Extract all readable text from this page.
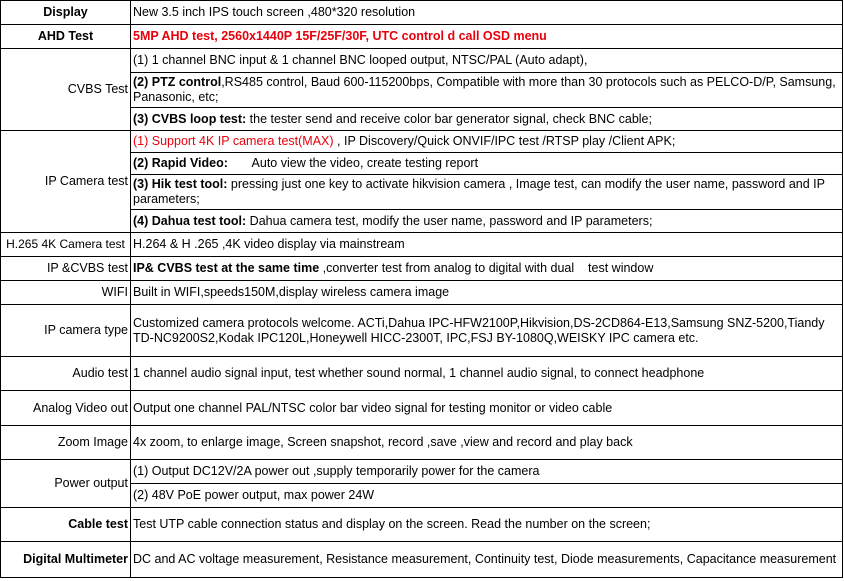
Display	New 3.5 inch IPS touch screen ,480*320 resolution
AHD Test	5MP AHD test, 2560x1440P 15F/25F/30F, UTC control d call OSD menu
CVBS Test	(1) 1 channel BNC input & 1 channel BNC looped output, NTSC/PAL (Auto adapt),
	(2) PTZ control,RS485 control, Baud 600-115200bps, Compatible with more than 30 protocols such as PELCO-D/P, Samsung, Panasonic, etc;
	(3) CVBS loop test: the tester send and receive color bar generator signal, check BNC cable;
IP Camera test	(1) Support 4K IP camera test(MAX) , IP Discovery/Quick ONVIF/IPC test /RTSP play /Client APK;
	(2) Rapid Video:       Auto view the video, create testing report
	(3) Hik test tool: pressing just one key to activate hikvision camera , Image test, can modify the user name, password and IP parameters;
	(4) Dahua test tool: Dahua camera test, modify the user name, password and IP parameters;
H.265 4K Camera test	H.264 & H .265 ,4K video display via mainstream
IP &CVBS test	IP& CVBS test at the same time ,converter test from analog to digital with dual    test window
WIFI	Built in WIFI,speeds150M,display wireless camera image
IP camera type	Customized camera protocols welcome. ACTi,Dahua IPC-HFW2100P,Hikvision,DS-2CD864-E13,Samsung SNZ-5200,Tiandy TD-NC9200S2,Kodak IPC120L,Honeywell HICC-2300T, IPC,FSJ BY-1080Q,WEISKY IPC camera etc.
Audio test	1 channel audio signal input, test whether sound normal, 1 channel audio signal, to connect headphone
Analog Video out	Output one channel PAL/NTSC color bar video signal for testing monitor or video cable
Zoom Image	4x zoom, to enlarge image, Screen snapshot, record ,save ,view and record and play back
Power output	(1) Output DC12V/2A power out ,supply temporarily power for the camera
	(2) 48V PoE power output, max power 24W
Cable test	Test UTP cable connection status and display on the screen. Read the number on the screen;
Digital Multimeter	DC and AC voltage measurement, Resistance measurement, Continuity test, Diode measurements, Capacitance measurement
